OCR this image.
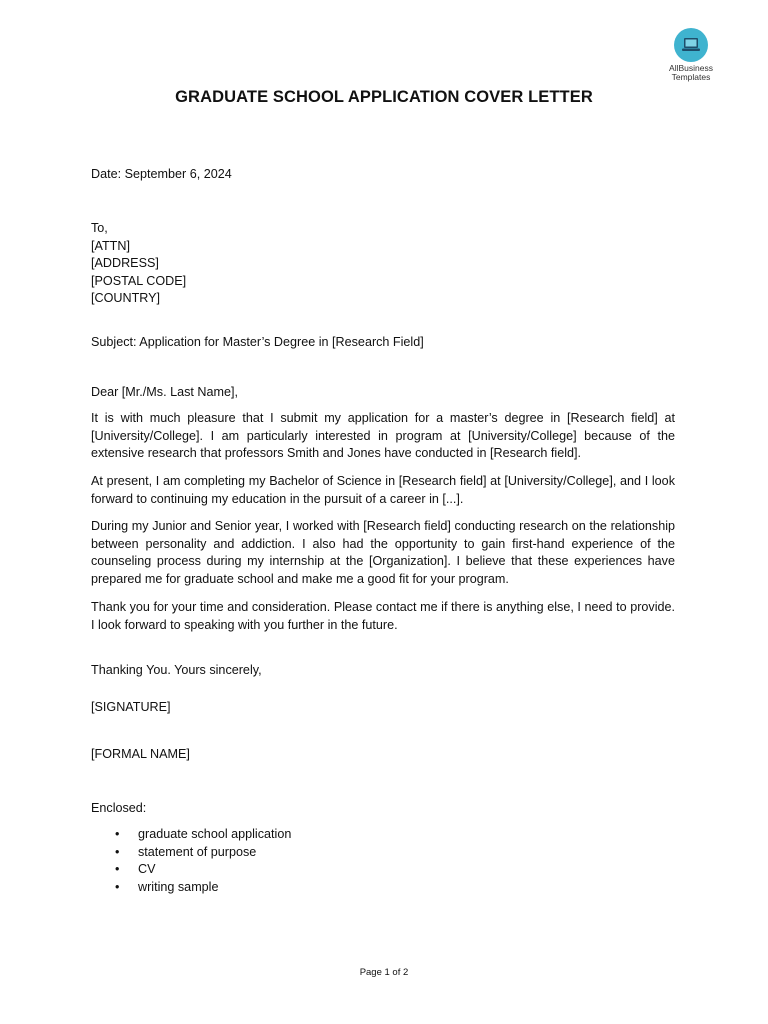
AllBusiness
Templates
GRADUATE SCHOOL APPLICATION COVER LETTER
Date: September 6, 2024
To,
[ATTN]
[ADDRESS]
[POSTAL CODE]
[COUNTRY]
Subject: Application for Master’s Degree in [Research Field]
Dear [Mr./Ms. Last Name],
It is with much pleasure that I submit my application for a master’s degree in [Research field] at [University/College]. I am particularly interested in program at [University/College] because of the extensive research that professors Smith and Jones have conducted in [Research field].
At present, I am completing my Bachelor of Science in [Research field] at [University/College], and I look forward to continuing my education in the pursuit of a career in [...].
During my Junior and Senior year, I worked with [Research field] conducting research on the relationship between personality and addiction. I also had the opportunity to gain first-hand experience of the counseling process during my internship at the [Organization]. I believe that these experiences have prepared me for graduate school and make me a good fit for your program.
Thank you for your time and consideration. Please contact me if there is anything else, I need to provide. I look forward to speaking with you further in the future.
Thanking You. Yours sincerely,
[SIGNATURE]
[FORMAL NAME]
Enclosed:
• graduate school application
• statement of purpose
• CV
• writing sample
Page 1 of 2
